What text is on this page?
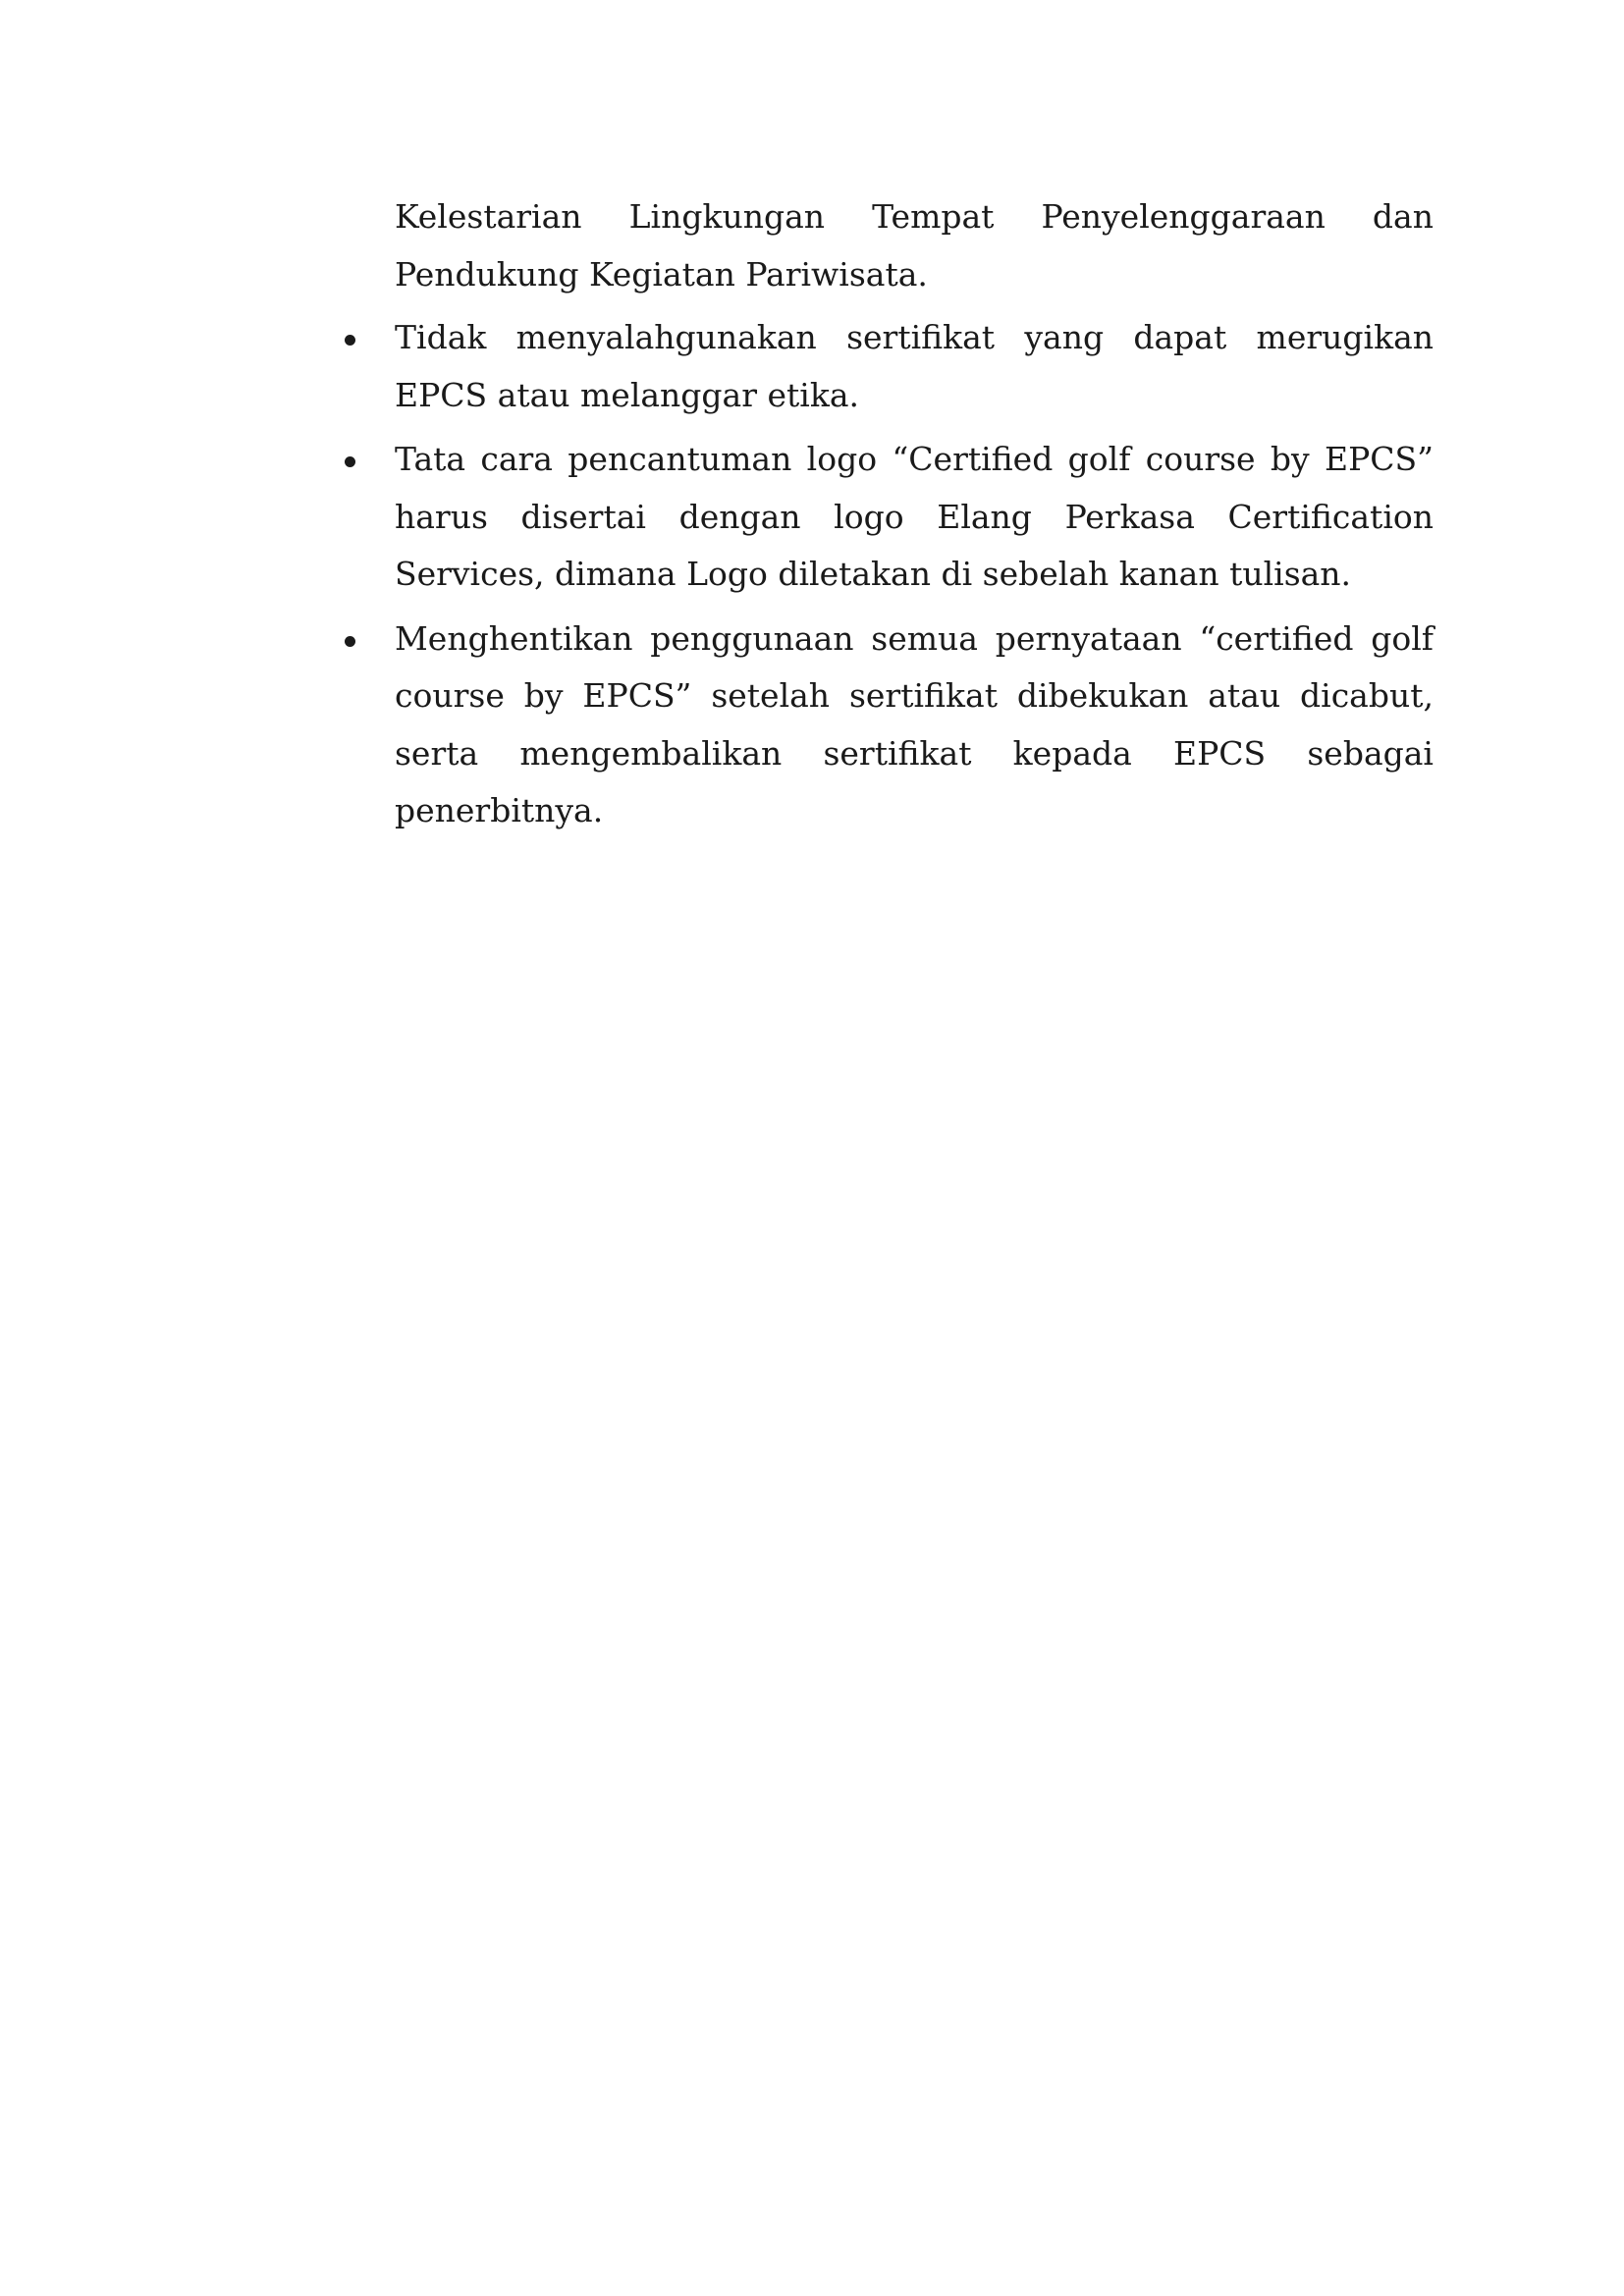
Kelestarian Lingkungan Tempat Penyelenggaraan dan Pendukung Kegiatan Pariwisata.

Tidak menyalahgunakan sertifikat yang dapat merugikan EPCS atau melanggar etika.

Tata cara pencantuman logo “Certified golf course by EPCS” harus disertai dengan logo Elang Perkasa Certification Services, dimana Logo diletakan di sebelah kanan tulisan.

Menghentikan penggunaan semua pernyataan “certified golf course by EPCS” setelah sertifikat dibekukan atau dicabut, serta mengembalikan sertifikat kepada EPCS sebagai penerbitnya.
